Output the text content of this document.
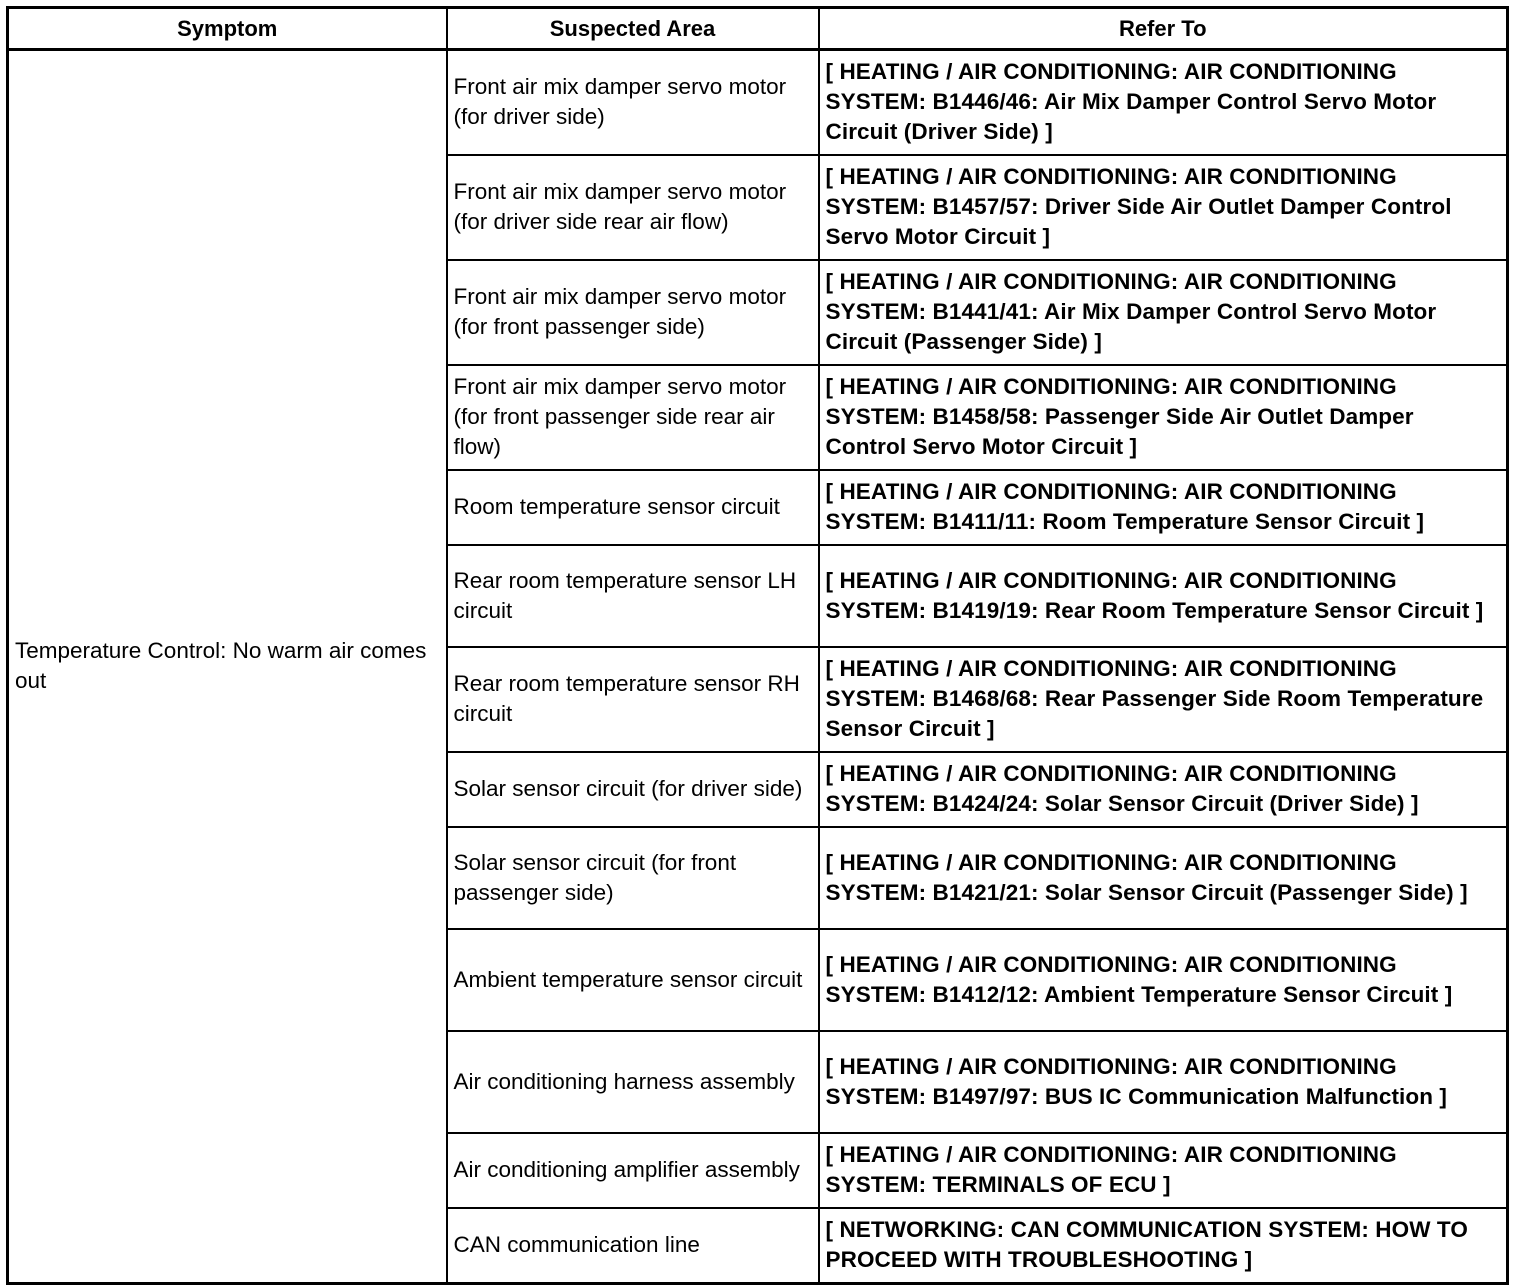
Symptom	Suspected Area	Refer To
Temperature Control: No warm air comes out	Front air mix damper servo motor (for driver side)	[ HEATING / AIR CONDITIONING: AIR CONDITIONING SYSTEM: B1446/46: Air Mix Damper Control Servo Motor Circuit (Driver Side) ]
	Front air mix damper servo motor (for driver side rear air flow)	[ HEATING / AIR CONDITIONING: AIR CONDITIONING SYSTEM: B1457/57: Driver Side Air Outlet Damper Control Servo Motor Circuit ]
	Front air mix damper servo motor (for front passenger side)	[ HEATING / AIR CONDITIONING: AIR CONDITIONING SYSTEM: B1441/41: Air Mix Damper Control Servo Motor Circuit (Passenger Side) ]
	Front air mix damper servo motor (for front passenger side rear air flow)	[ HEATING / AIR CONDITIONING: AIR CONDITIONING SYSTEM: B1458/58: Passenger Side Air Outlet Damper Control Servo Motor Circuit ]
	Room temperature sensor circuit	[ HEATING / AIR CONDITIONING: AIR CONDITIONING SYSTEM: B1411/11: Room Temperature Sensor Circuit ]
	Rear room temperature sensor LH circuit	[ HEATING / AIR CONDITIONING: AIR CONDITIONING SYSTEM: B1419/19: Rear Room Temperature Sensor Circuit ]
	Rear room temperature sensor RH circuit	[ HEATING / AIR CONDITIONING: AIR CONDITIONING SYSTEM: B1468/68: Rear Passenger Side Room Temperature Sensor Circuit ]
	Solar sensor circuit (for driver side)	[ HEATING / AIR CONDITIONING: AIR CONDITIONING SYSTEM: B1424/24: Solar Sensor Circuit (Driver Side) ]
	Solar sensor circuit (for front passenger side)	[ HEATING / AIR CONDITIONING: AIR CONDITIONING SYSTEM: B1421/21: Solar Sensor Circuit (Passenger Side) ]
	Ambient temperature sensor circuit	[ HEATING / AIR CONDITIONING: AIR CONDITIONING SYSTEM: B1412/12: Ambient Temperature Sensor Circuit ]
	Air conditioning harness assembly	[ HEATING / AIR CONDITIONING: AIR CONDITIONING SYSTEM: B1497/97: BUS IC Communication Malfunction ]
	Air conditioning amplifier assembly	[ HEATING / AIR CONDITIONING: AIR CONDITIONING SYSTEM: TERMINALS OF ECU ]
	CAN communication line	[ NETWORKING: CAN COMMUNICATION SYSTEM: HOW TO PROCEED WITH TROUBLESHOOTING ]
